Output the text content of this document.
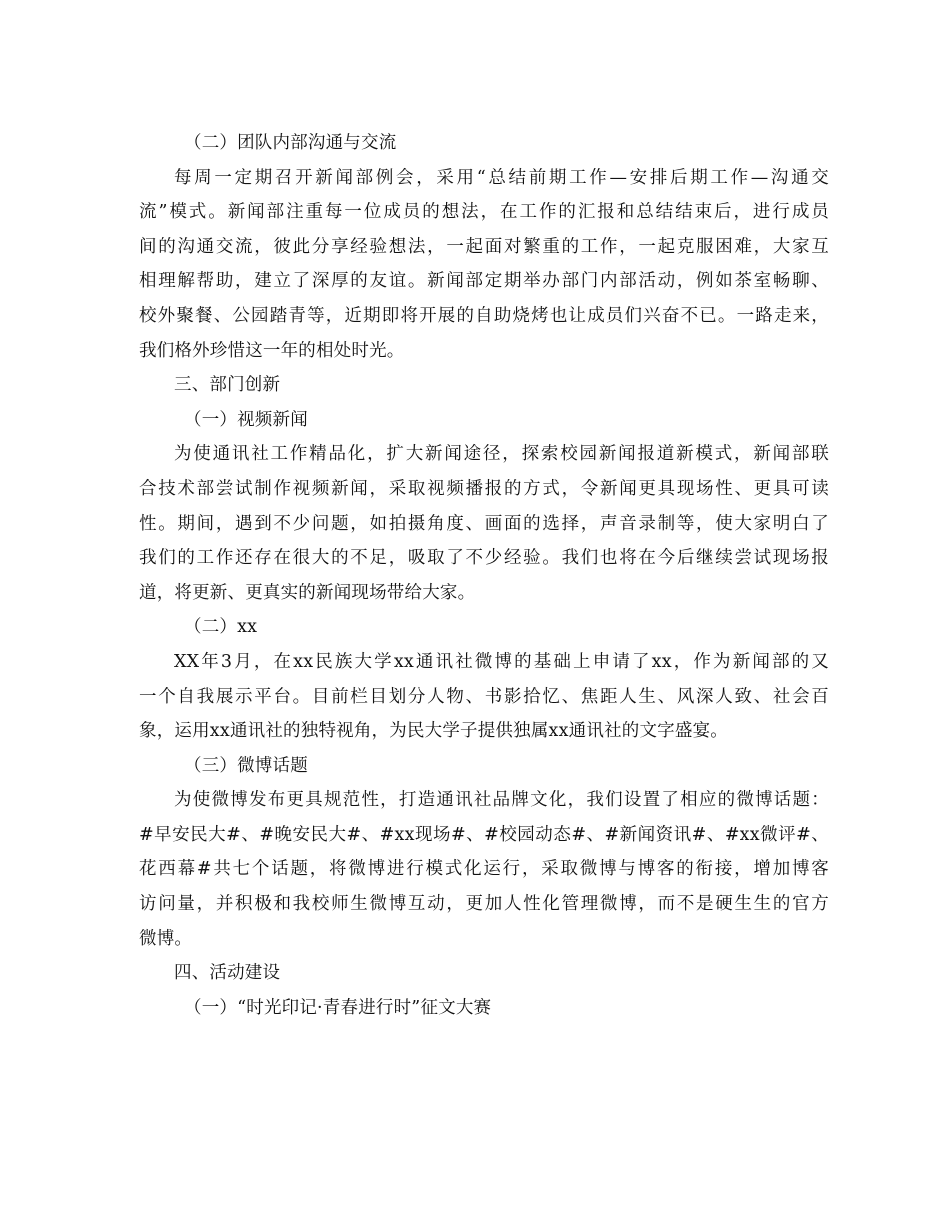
（二）团队内部沟通与交流
每周一定期召开新闻部例会，采用“总结前期工作—安排后期工作—沟通交
流”模式。新闻部注重每一位成员的想法，在工作的汇报和总结结束后，进行成员
间的沟通交流，彼此分享经验想法，一起面对繁重的工作，一起克服困难，大家互
相理解帮助，建立了深厚的友谊。新闻部定期举办部门内部活动，例如茶室畅聊、
校外聚餐、公园踏青等，近期即将开展的自助烧烤也让成员们兴奋不已。一路走来，
我们格外珍惜这一年的相处时光。
三、部门创新
（一）视频新闻
为使通讯社工作精品化，扩大新闻途径，探索校园新闻报道新模式，新闻部联
合技术部尝试制作视频新闻，采取视频播报的方式，令新闻更具现场性、更具可读
性。期间，遇到不少问题，如拍摄角度、画面的选择，声音录制等，使大家明白了
我们的工作还存在很大的不足，吸取了不少经验。我们也将在今后继续尝试现场报
道，将更新、更真实的新闻现场带给大家。
（二）xx
XX年3月，在xx民族大学xx通讯社微博的基础上申请了xx，作为新闻部的又
一个自我展示平台。目前栏目划分人物、书影拾忆、焦距人生、风深人致、社会百
象，运用xx通讯社的独特视角，为民大学子提供独属xx通讯社的文字盛宴。
（三）微博话题
为使微博发布更具规范性，打造通讯社品牌文化，我们设置了相应的微博话题：
#早安民大#、#晚安民大#、#xx现场#、#校园动态#、#新闻资讯#、#xx微评#、
花西幕#共七个话题，将微博进行模式化运行，采取微博与博客的衔接，增加博客
访问量，并积极和我校师生微博互动，更加人性化管理微博，而不是硬生生的官方
微博。
四、活动建设
（一）“时光印记·青春进行时”征文大赛
